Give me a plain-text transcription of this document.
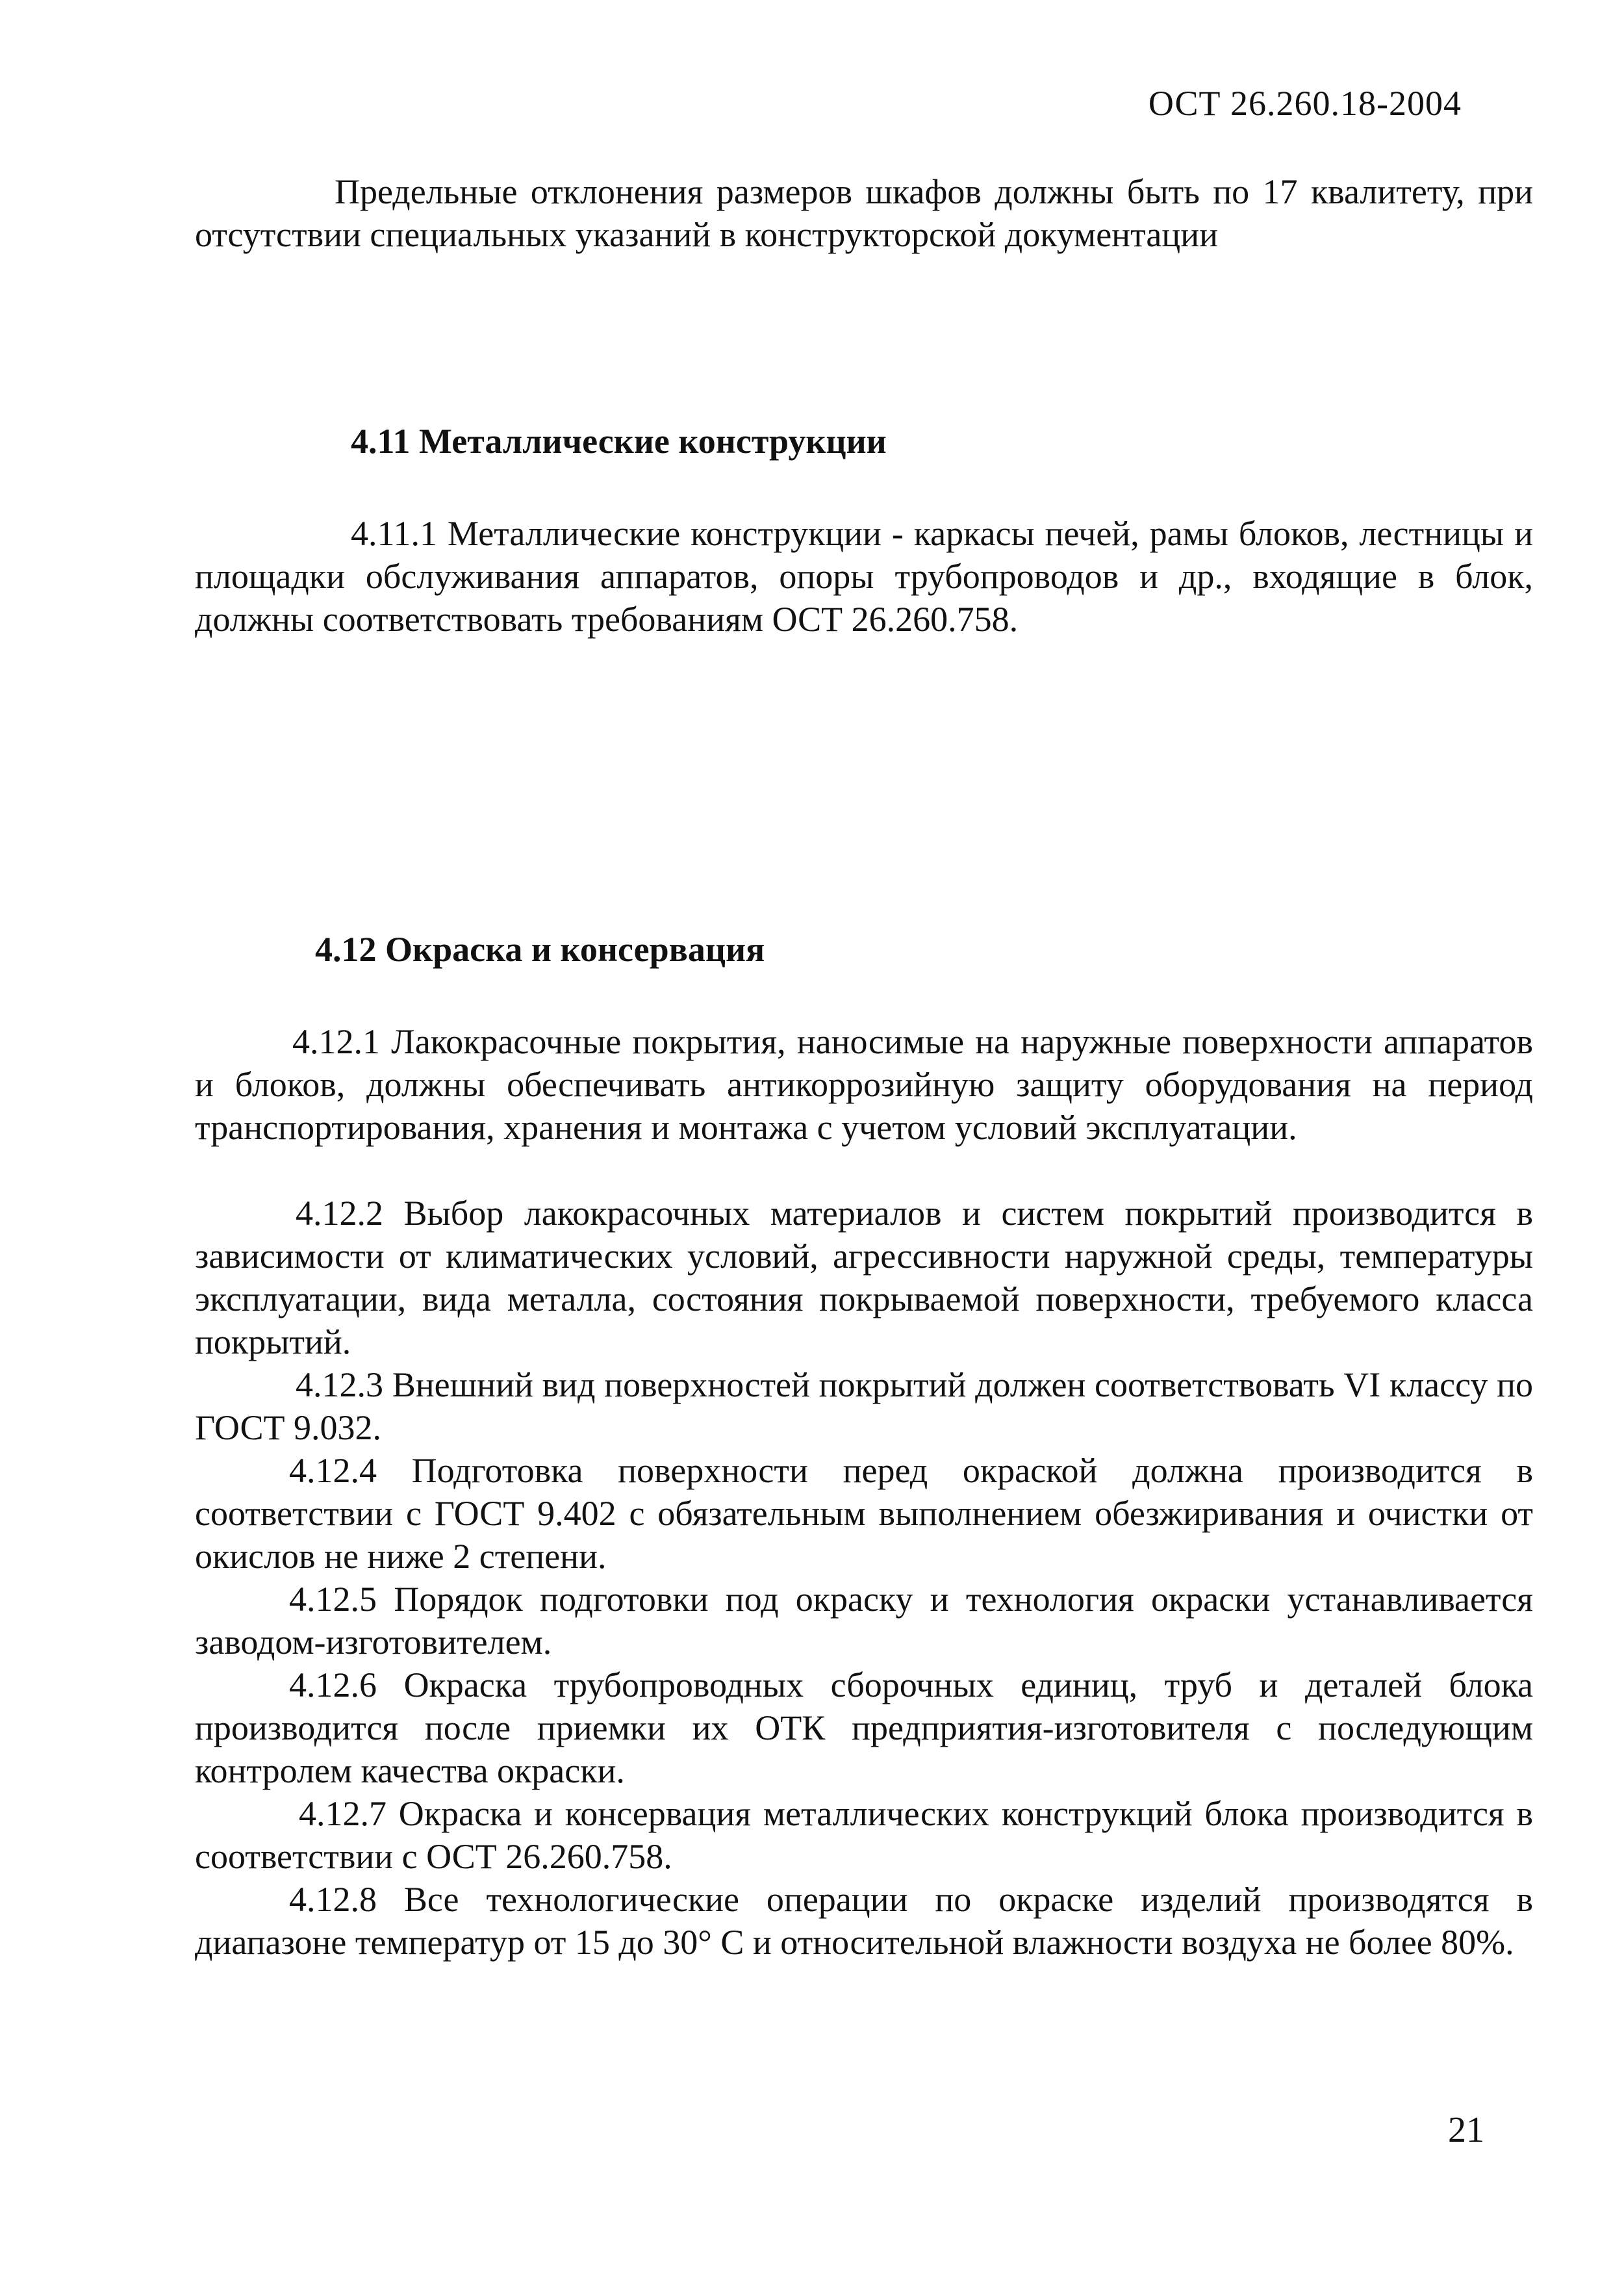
ОСТ 26.260.18-2004

Предельные отклонения размеров шкафов должны быть по 17 квалитету, при отсутствии специальных указаний в конструкторской документации

4.11 Металлические конструкции

4.11.1 Металлические конструкции - каркасы печей, рамы блоков, лестницы и площадки обслуживания аппаратов, опоры трубопроводов и др., входящие в блок, должны соответствовать требованиям ОСТ 26.260.758.

4.12 Окраска и консервация

4.12.1 Лакокрасочные покрытия, наносимые на наружные поверхности аппаратов и блоков, должны обеспечивать антикоррозийную защиту оборудования на период транспортирования, хранения и монтажа с учетом условий эксплуатации.

4.12.2 Выбор лакокрасочных материалов и систем покрытий производится в зависимости от климатических условий, агрессивности наружной среды, температуры эксплуатации, вида металла, состояния покрываемой поверхности, требуемого класса покрытий.

4.12.3 Внешний вид поверхностей покрытий должен соответствовать VI классу по ГОСТ 9.032.

4.12.4 Подготовка поверхности перед окраской должна производится в соответствии с ГОСТ 9.402 с обязательным выполнением обезжиривания и очистки от окислов не ниже 2 степени.

4.12.5 Порядок подготовки под окраску и технология окраски устанавливается заводом-изготовителем.

4.12.6 Окраска трубопроводных сборочных единиц, труб и деталей блока производится после приемки их ОТК предприятия-изготовителя с последующим контролем качества окраски.

4.12.7 Окраска и консервация металлических конструкций блока производится в соответствии с ОСТ 26.260.758.

4.12.8 Все технологические операции по окраске изделий производятся в диапазоне температур от 15 до 30° С и относительной влажности воздуха не более 80%.

21
